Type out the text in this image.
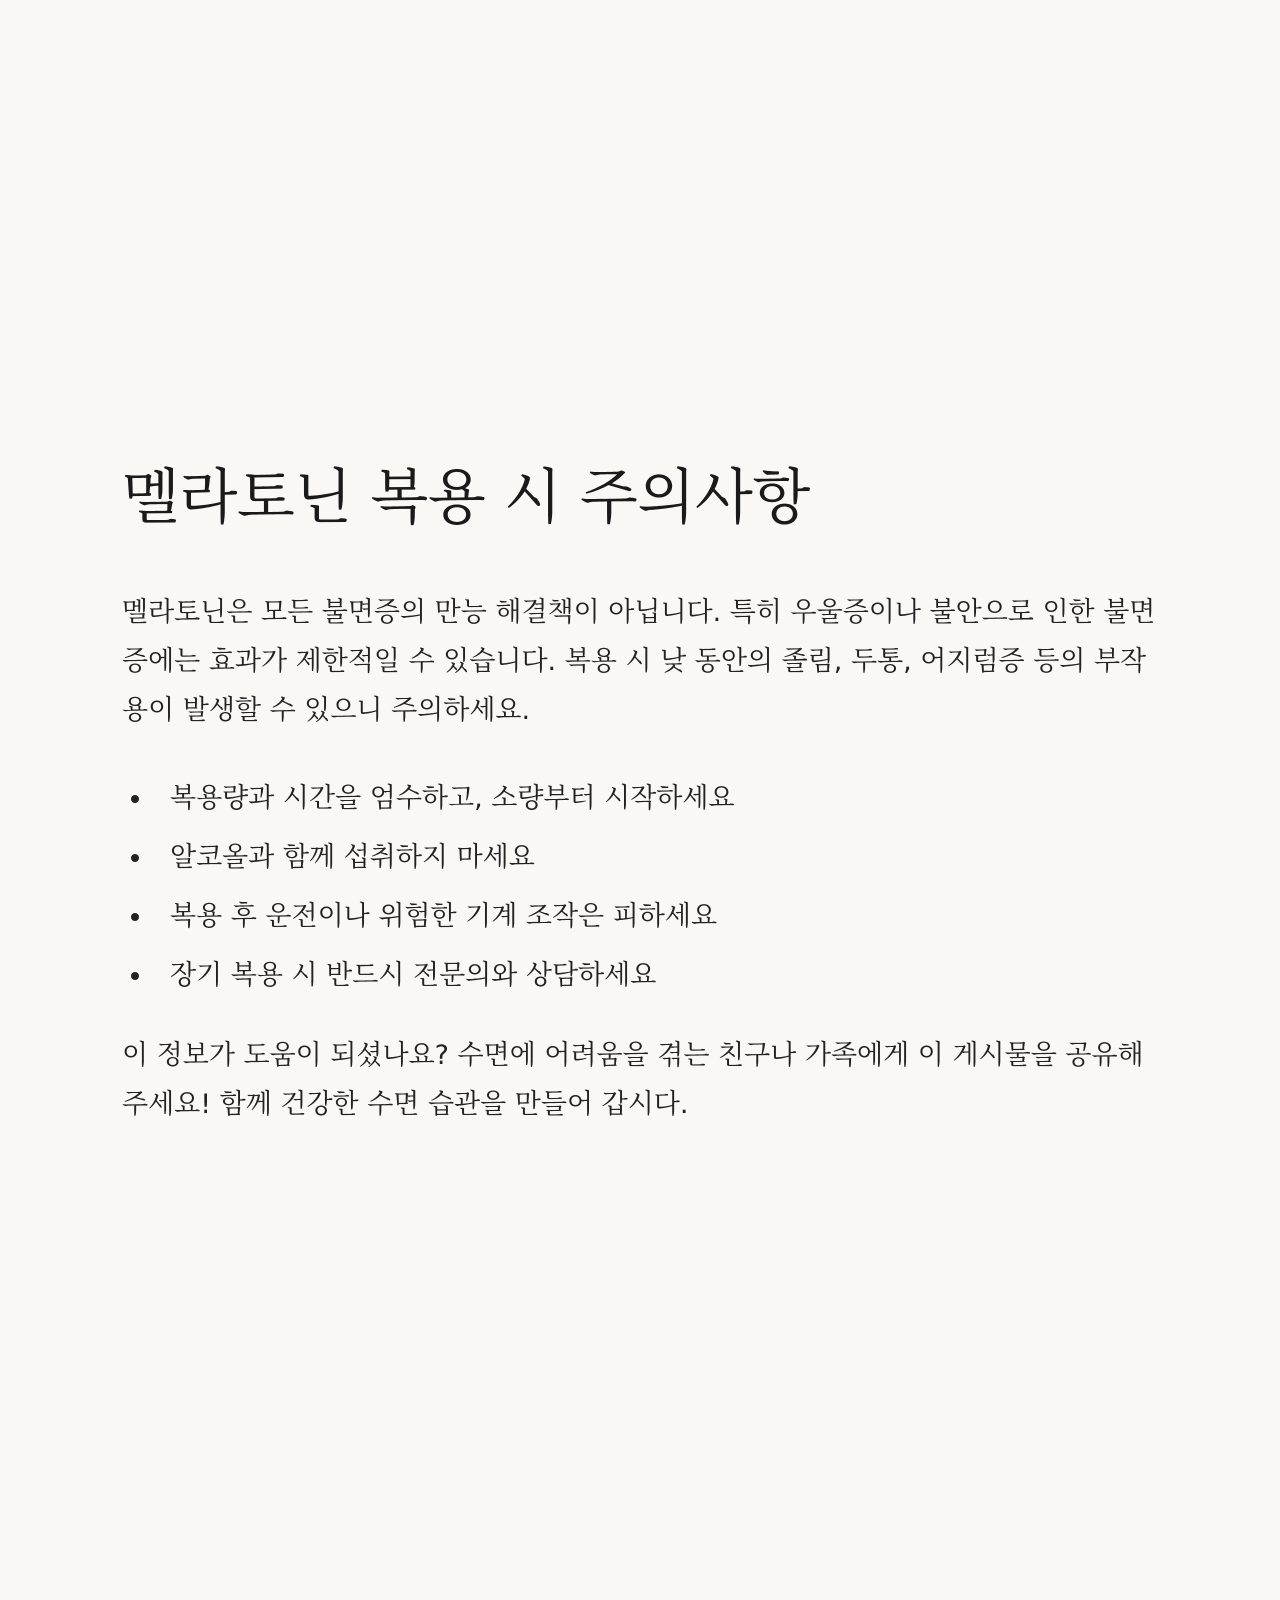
멜라토닌 복용 시 주의사항

멜라토닌은 모든 불면증의 만능 해결책이 아닙니다. 특히 우울증이나 불안으로 인한 불면증에는 효과가 제한적일 수 있습니다. 복용 시 낮 동안의 졸림, 두통, 어지럼증 등의 부작용이 발생할 수 있으니 주의하세요.

복용량과 시간을 엄수하고, 소량부터 시작하세요
알코올과 함께 섭취하지 마세요
복용 후 운전이나 위험한 기계 조작은 피하세요
장기 복용 시 반드시 전문의와 상담하세요

이 정보가 도움이 되셨나요? 수면에 어려움을 겪는 친구나 가족에게 이 게시물을 공유해 주세요! 함께 건강한 수면 습관을 만들어 갑시다.
